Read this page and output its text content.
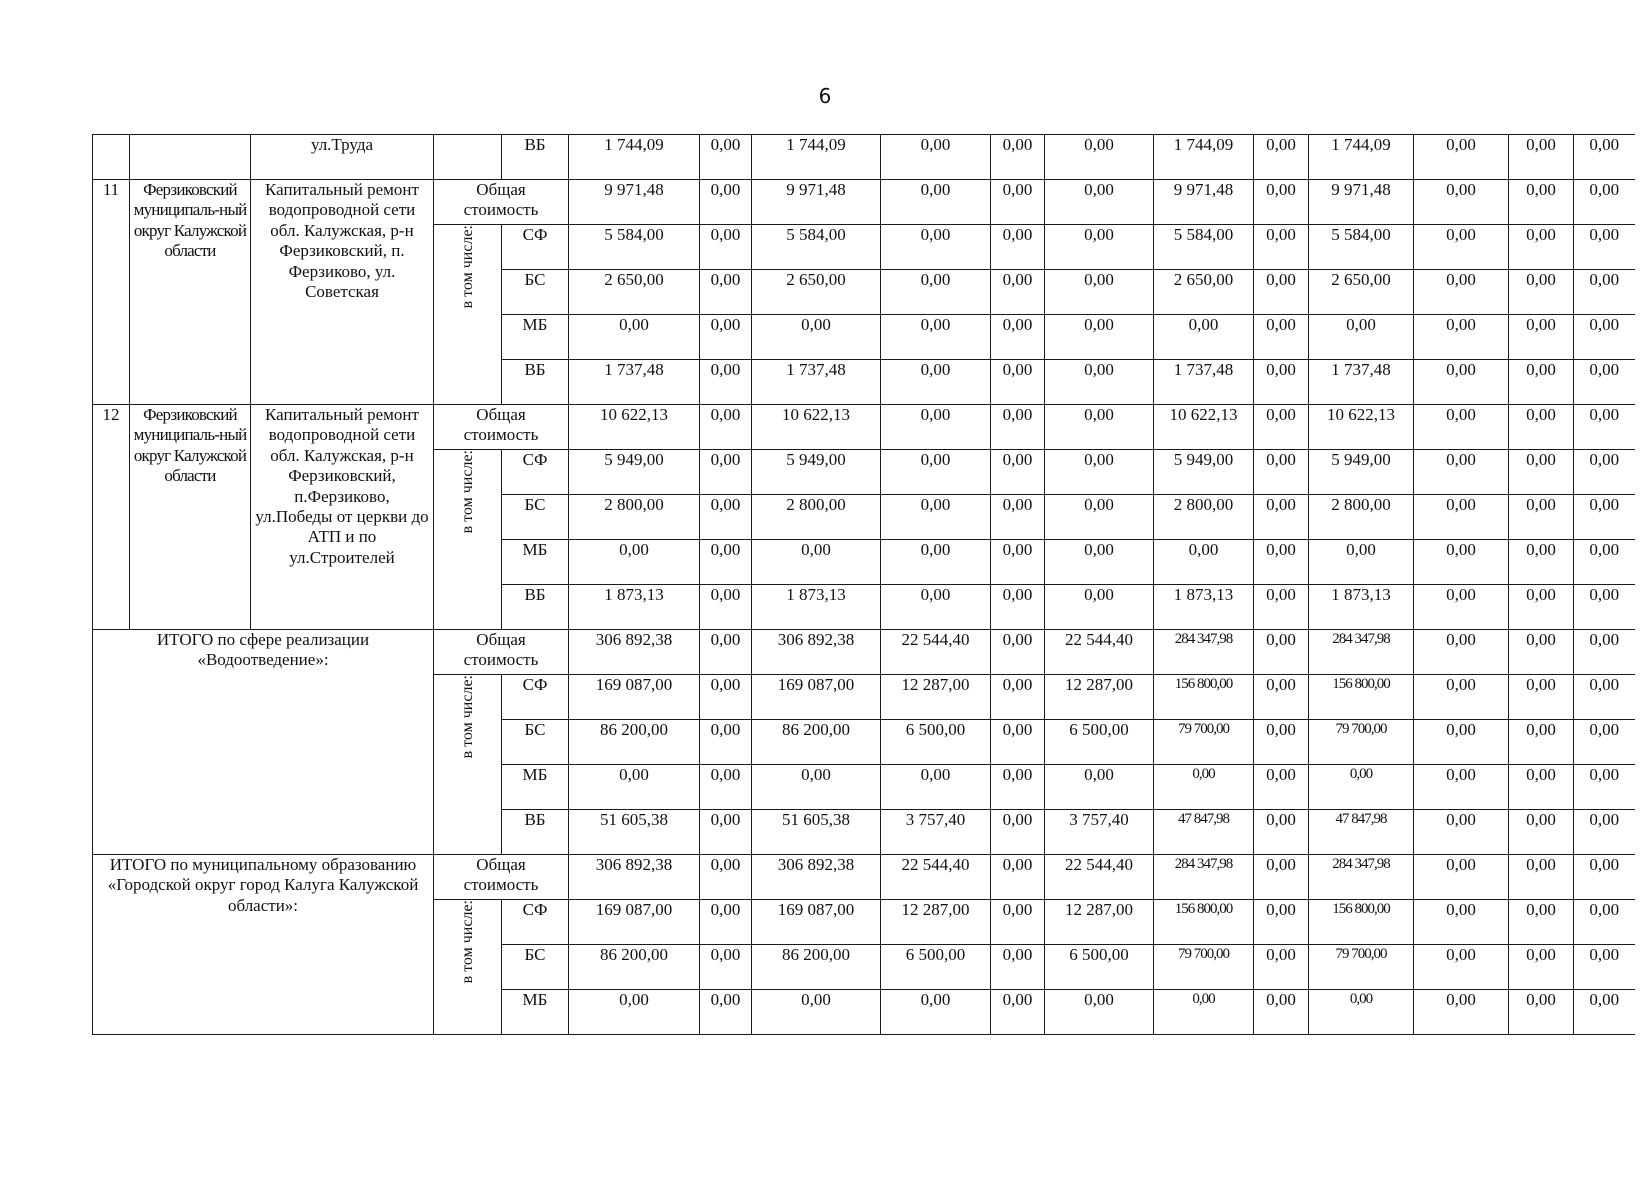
6
		ул.Труда		ВБ	1 744,09	0,00	1 744,09	0,00	0,00	0,00	1 744,09	0,00	1 744,09	0,00	0,00	0,00
11	Ферзиковский муниципаль-ный округ Калужской области	Капитальный ремонт водопроводной сети обл. Калужская, р-н Ферзиковский, п. Ферзиково, ул. Советская	Общая стоимость		9 971,48	0,00	9 971,48	0,00	0,00	0,00	9 971,48	0,00	9 971,48	0,00	0,00	0,00
			в том числе:	СФ	5 584,00	0,00	5 584,00	0,00	0,00	0,00	5 584,00	0,00	5 584,00	0,00	0,00	0,00
				БС	2 650,00	0,00	2 650,00	0,00	0,00	0,00	2 650,00	0,00	2 650,00	0,00	0,00	0,00
				МБ	0,00	0,00	0,00	0,00	0,00	0,00	0,00	0,00	0,00	0,00	0,00	0,00
				ВБ	1 737,48	0,00	1 737,48	0,00	0,00	0,00	1 737,48	0,00	1 737,48	0,00	0,00	0,00
12	Ферзиковский муниципаль-ный округ Калужской области	Капитальный ремонт водопроводной сети обл. Калужская, р-н Ферзиковский, п.Ферзиково, ул.Победы от церкви до АТП и по ул.Строителей	Общая стоимость		10 622,13	0,00	10 622,13	0,00	0,00	0,00	10 622,13	0,00	10 622,13	0,00	0,00	0,00
			в том числе:	СФ	5 949,00	0,00	5 949,00	0,00	0,00	0,00	5 949,00	0,00	5 949,00	0,00	0,00	0,00
				БС	2 800,00	0,00	2 800,00	0,00	0,00	0,00	2 800,00	0,00	2 800,00	0,00	0,00	0,00
				МБ	0,00	0,00	0,00	0,00	0,00	0,00	0,00	0,00	0,00	0,00	0,00	0,00
				ВБ	1 873,13	0,00	1 873,13	0,00	0,00	0,00	1 873,13	0,00	1 873,13	0,00	0,00	0,00
ИТОГО по сфере реализации «Водоотведение»:			Общая стоимость		306 892,38	0,00	306 892,38	22 544,40	0,00	22 544,40	284 347,98	0,00	284 347,98	0,00	0,00	0,00
			в том числе:	СФ	169 087,00	0,00	169 087,00	12 287,00	0,00	12 287,00	156 800,00	0,00	156 800,00	0,00	0,00	0,00
				БС	86 200,00	0,00	86 200,00	6 500,00	0,00	6 500,00	79 700,00	0,00	79 700,00	0,00	0,00	0,00
				МБ	0,00	0,00	0,00	0,00	0,00	0,00	0,00	0,00	0,00	0,00	0,00	0,00
				ВБ	51 605,38	0,00	51 605,38	3 757,40	0,00	3 757,40	47 847,98	0,00	47 847,98	0,00	0,00	0,00
ИТОГО по муниципальному образованию «Городской округ город Калуга Калужской области»:			Общая стоимость		306 892,38	0,00	306 892,38	22 544,40	0,00	22 544,40	284 347,98	0,00	284 347,98	0,00	0,00	0,00
			в том числе:	СФ	169 087,00	0,00	169 087,00	12 287,00	0,00	12 287,00	156 800,00	0,00	156 800,00	0,00	0,00	0,00
				БС	86 200,00	0,00	86 200,00	6 500,00	0,00	6 500,00	79 700,00	0,00	79 700,00	0,00	0,00	0,00
				МБ	0,00	0,00	0,00	0,00	0,00	0,00	0,00	0,00	0,00	0,00	0,00	0,00
